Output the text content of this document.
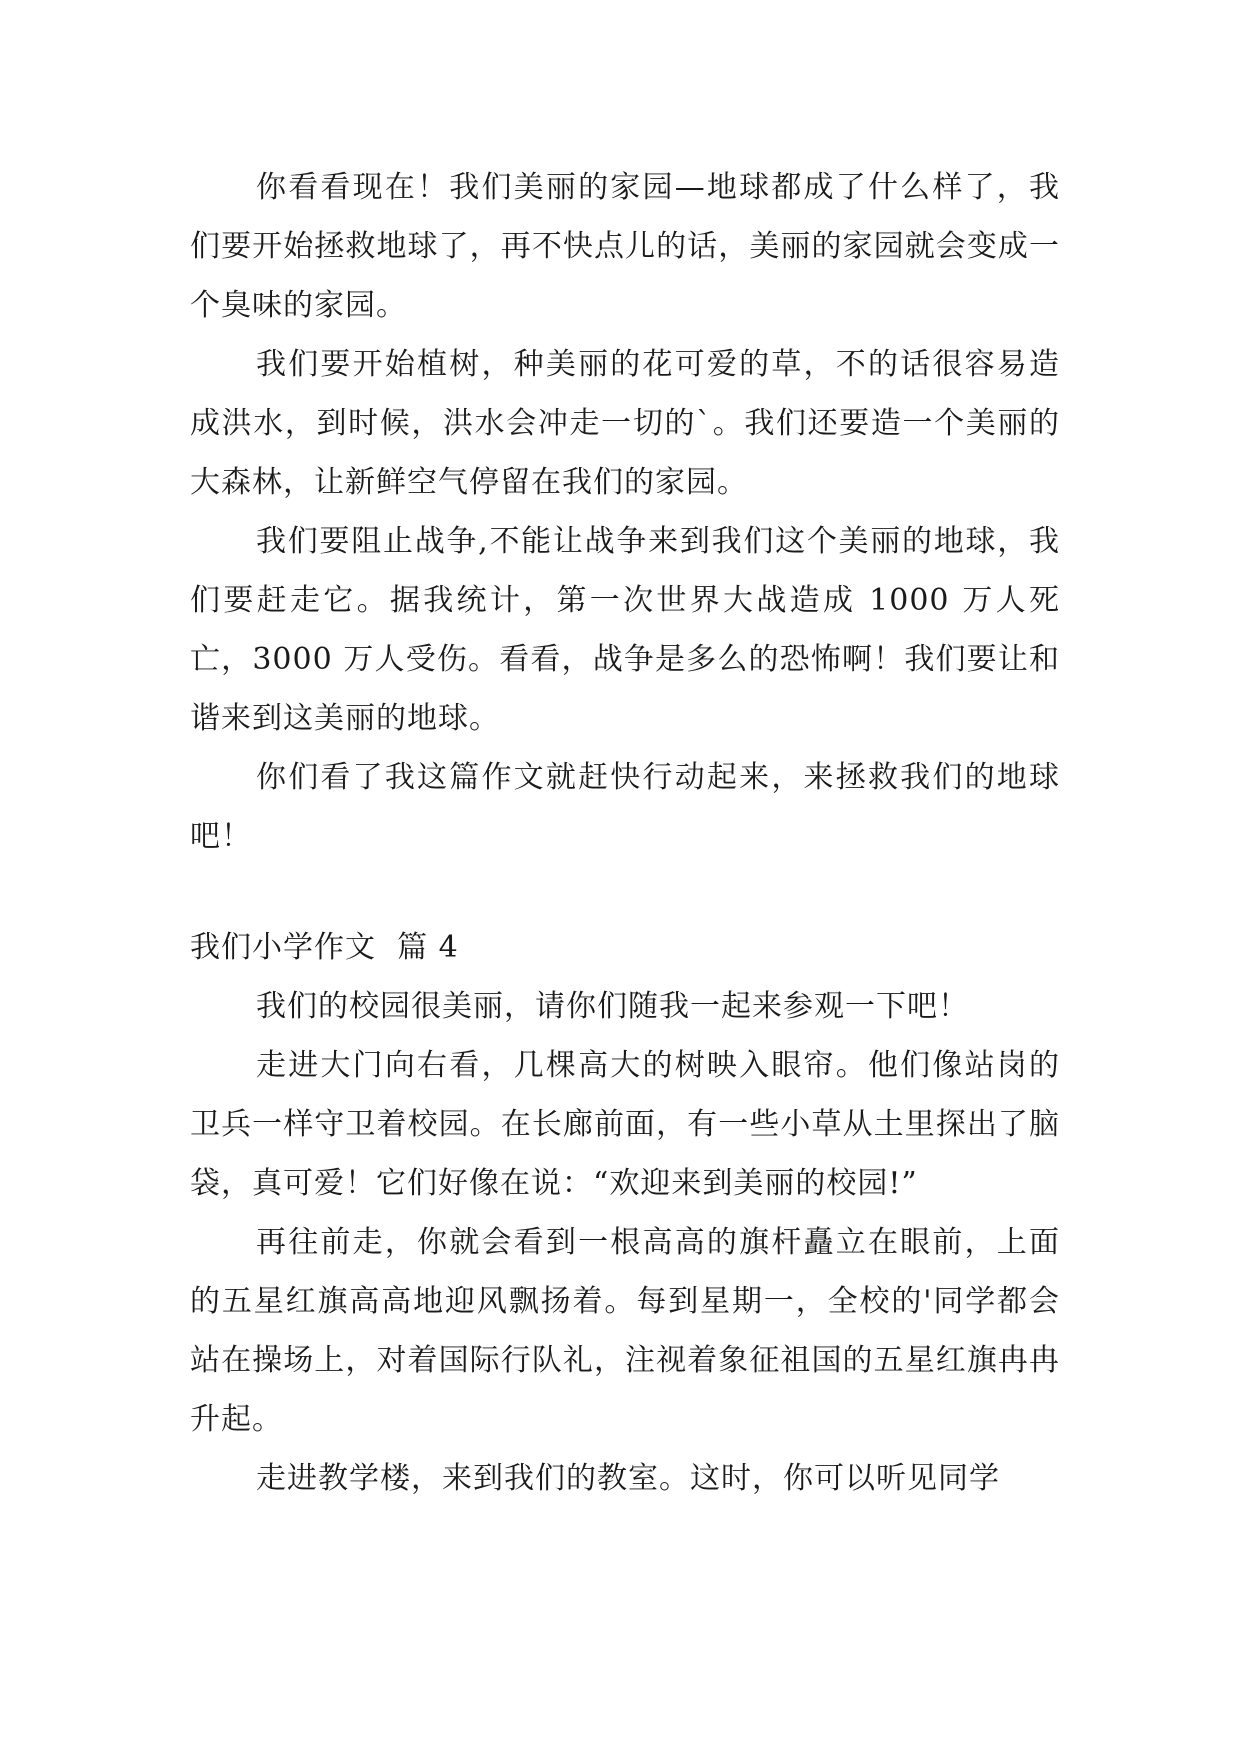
你看看现在！我们美丽的家园—地球都成了什么样了，我们要开始拯救地球了，再不快点儿的话，美丽的家园就会变成一个臭味的家园。

我们要开始植树，种美丽的花可爱的草，不的话很容易造成洪水，到时候，洪水会冲走一切的`。我们还要造一个美丽的大森林，让新鲜空气停留在我们的家园。

我们要阻止战争,不能让战争来到我们这个美丽的地球，我们要赶走它。据我统计，第一次世界大战造成 1000 万人死亡，3000 万人受伤。看看，战争是多么的恐怖啊！我们要让和谐来到这美丽的地球。

你们看了我这篇作文就赶快行动起来，来拯救我们的地球吧！

我们小学作文  篇 4

我们的校园很美丽，请你们随我一起来参观一下吧！

走进大门向右看，几棵高大的树映入眼帘。他们像站岗的卫兵一样守卫着校园。在长廊前面，有一些小草从土里探出了脑袋，真可爱！它们好像在说：“欢迎来到美丽的校园!”

再往前走，你就会看到一根高高的旗杆矗立在眼前，上面的五星红旗高高地迎风飘扬着。每到星期一，全校的'同学都会站在操场上，对着国际行队礼，注视着象征祖国的五星红旗冉冉升起。

走进教学楼，来到我们的教室。这时，你可以听见同学
